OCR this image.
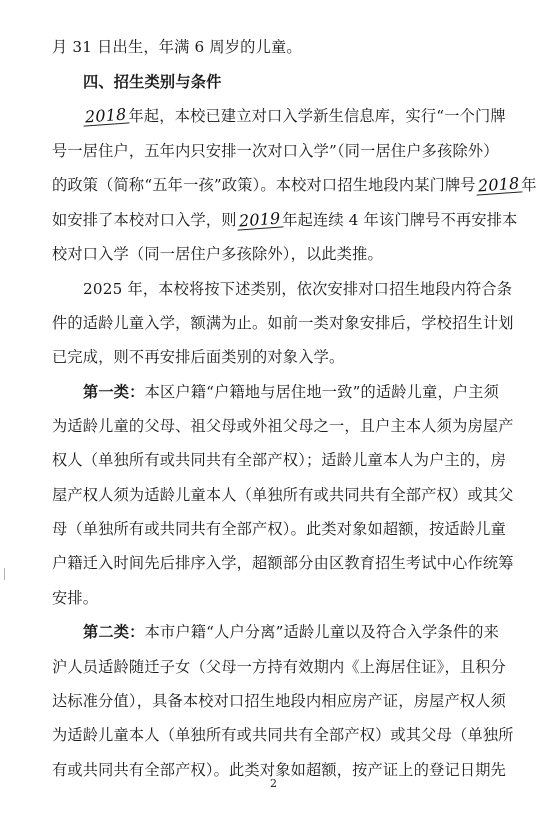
月 31 日出生，年满 6 周岁的儿童。
四、招生类别与条件
2018年起，本校已建立对口入学新生信息库，实行“一个门牌
号一居住户，五年内只安排一次对口入学”（同一居住户多孩除外）
的政策（简称“五年一孩”政策）。本校对口招生地段内某门牌号2018年
如安排了本校对口入学，则2019年起连续 4 年该门牌号不再安排本
校对口入学（同一居住户多孩除外），以此类推。
2025 年，本校将按下述类别，依次安排对口招生地段内符合条
件的适龄儿童入学，额满为止。如前一类对象安排后，学校招生计划
已完成，则不再安排后面类别的对象入学。
第一类：本区户籍“户籍地与居住地一致”的适龄儿童，户主须
为适龄儿童的父母、祖父母或外祖父母之一，且户主本人须为房屋产
权人（单独所有或共同共有全部产权）；适龄儿童本人为户主的，房
屋产权人须为适龄儿童本人（单独所有或共同共有全部产权）或其父
母（单独所有或共同共有全部产权）。此类对象如超额，按适龄儿童
户籍迁入时间先后排序入学，超额部分由区教育招生考试中心作统筹
安排。
第二类：本市户籍“人户分离”适龄儿童以及符合入学条件的来
沪人员适龄随迁子女（父母一方持有效期内《上海居住证》，且积分
达标准分值），具备本校对口招生地段内相应房产证，房屋产权人须
为适龄儿童本人（单独所有或共同共有全部产权）或其父母（单独所
有或共同共有全部产权）。此类对象如超额，按产证上的登记日期先
2
